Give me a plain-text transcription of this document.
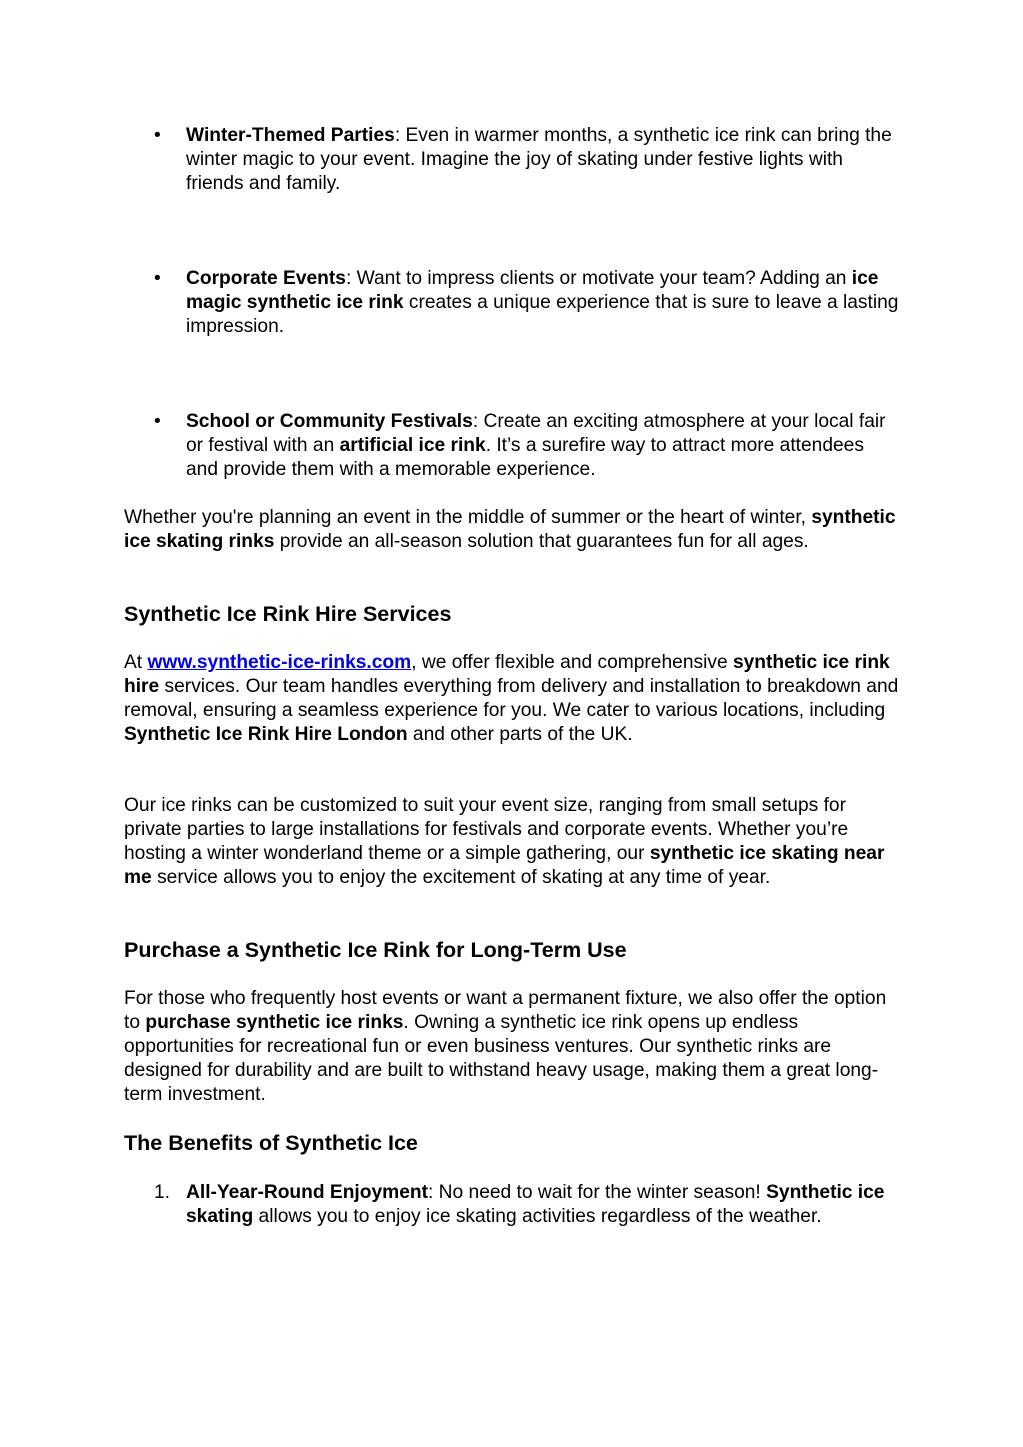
•	Winter-Themed Parties: Even in warmer months, a synthetic ice rink can bring the winter magic to your event. Imagine the joy of skating under festive lights with friends and family.

•	Corporate Events: Want to impress clients or motivate your team? Adding an ice magic synthetic ice rink creates a unique experience that is sure to leave a lasting impression.

•	School or Community Festivals: Create an exciting atmosphere at your local fair or festival with an artificial ice rink. It’s a surefire way to attract more attendees and provide them with a memorable experience.

Whether you're planning an event in the middle of summer or the heart of winter, synthetic ice skating rinks provide an all-season solution that guarantees fun for all ages.

Synthetic Ice Rink Hire Services

At www.synthetic-ice-rinks.com, we offer flexible and comprehensive synthetic ice rink hire services. Our team handles everything from delivery and installation to breakdown and removal, ensuring a seamless experience for you. We cater to various locations, including Synthetic Ice Rink Hire London and other parts of the UK.

Our ice rinks can be customized to suit your event size, ranging from small setups for private parties to large installations for festivals and corporate events. Whether you’re hosting a winter wonderland theme or a simple gathering, our synthetic ice skating near me service allows you to enjoy the excitement of skating at any time of year.

Purchase a Synthetic Ice Rink for Long-Term Use

For those who frequently host events or want a permanent fixture, we also offer the option to purchase synthetic ice rinks. Owning a synthetic ice rink opens up endless opportunities for recreational fun or even business ventures. Our synthetic rinks are designed for durability and are built to withstand heavy usage, making them a great long-term investment.

The Benefits of Synthetic Ice
1. All-Year-Round Enjoyment: No need to wait for the winter season! Synthetic ice skating allows you to enjoy ice skating activities regardless of the weather.
